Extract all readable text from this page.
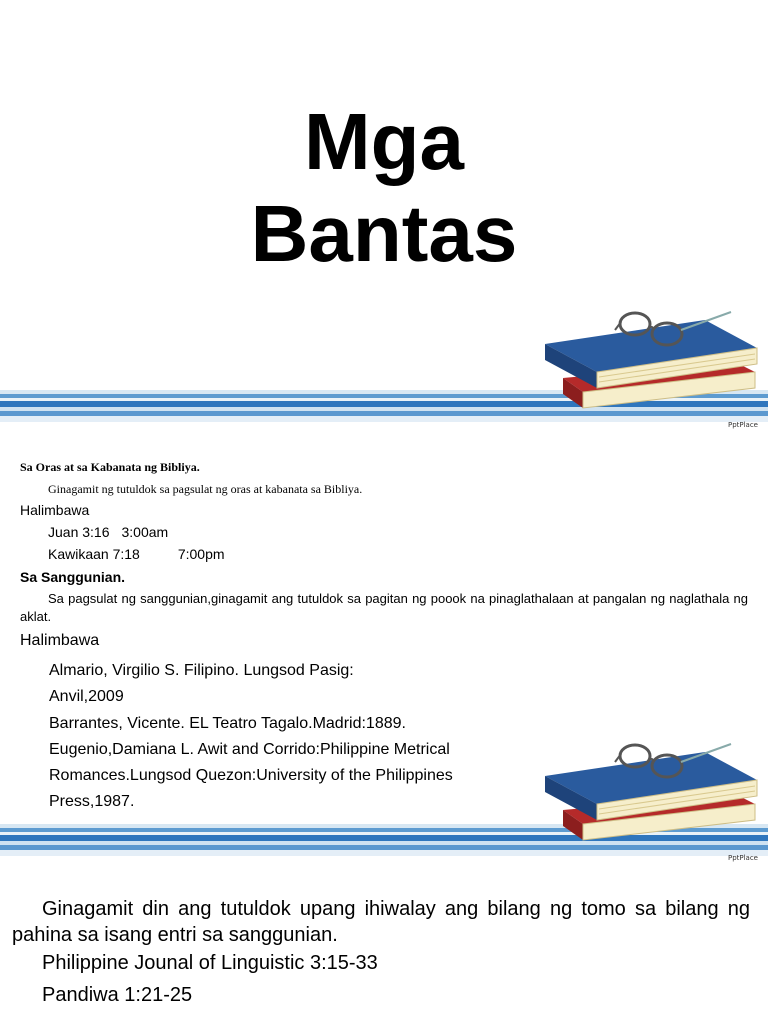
Mga
Bantas
PptPlace
Sa Oras at sa Kabanata ng Bibliya.
Ginagamit ng tutuldok sa pagsulat ng oras at kabanata sa Bibliya.
Halimbawa
Juan 3:16 3:00am
Kawikaan 7:18	7:00pm
Sa Sanggunian.
Sa pagsulat ng sanggunian,ginagamit ang tutuldok sa pagitan ng poook na pinaglathalaan at pangalan ng naglathala ng aklat.
Halimbawa
Almario, Virgilio S. Filipino. Lungsod Pasig:
Anvil,2009
Barrantes, Vicente. EL Teatro Tagalo.Madrid:1889.
Eugenio,Damiana L. Awit and Corrido:Philippine Metrical
Romances.Lungsod Quezon:University of the Philippines
Press,1987.
PptPlace
Ginagamit din ang tutuldok upang ihiwalay ang bilang ng tomo sa bilang ng pahina sa isang entri sa sanggunian.
Philippine Jounal of Linguistic 3:15-33
Pandiwa 1:21-25
